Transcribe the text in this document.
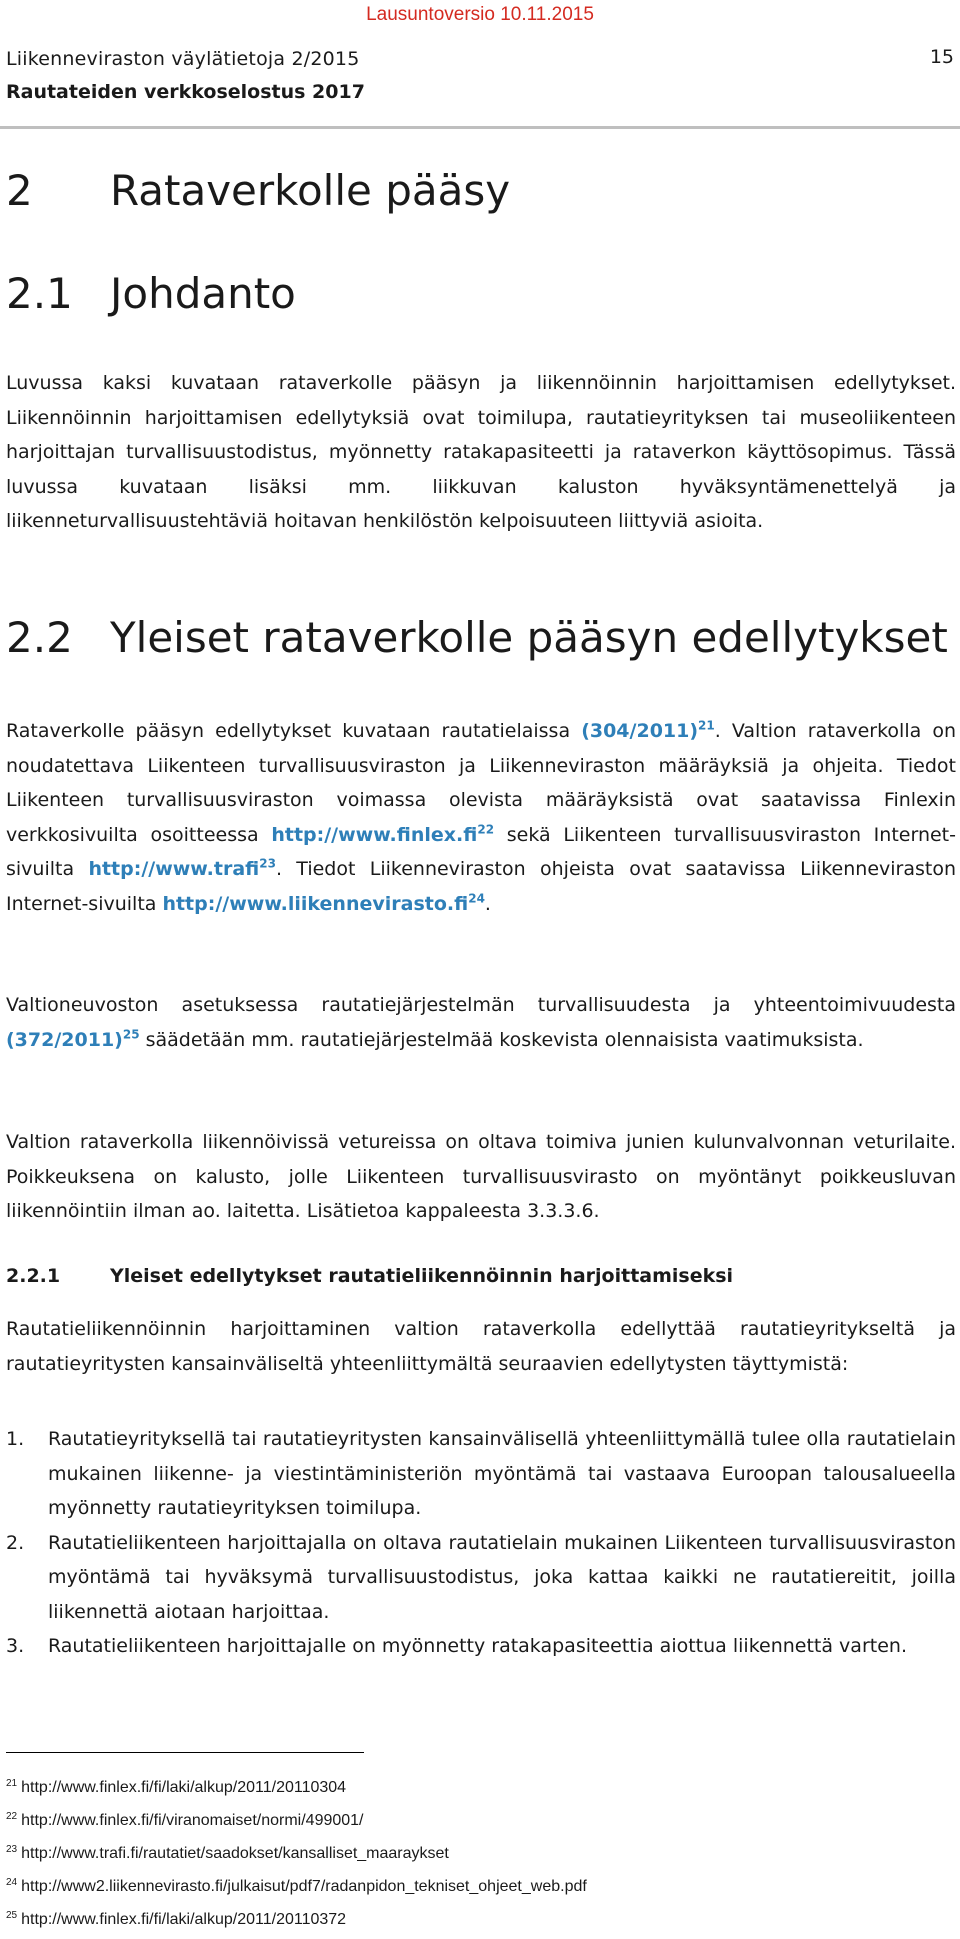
Lausuntoversio 10.11.2015
Liikenneviraston väylätietoja 2/2015
Rautateiden verkkoselostus 2017
15
2 Rataverkolle pääsy
2.1 Johdanto

Luvussa kaksi kuvataan rataverkolle pääsyn ja liikennöinnin harjoittamisen edellytykset. Liikennöinnin harjoittamisen edellytyksiä ovat toimilupa, rautatieyrityksen tai museoliikenteen harjoittajan turvallisuustodistus, myönnetty ratakapasiteetti ja rataverkon käyttösopimus. Tässä luvussa kuvataan lisäksi mm. liikkuvan kaluston hyväksyntämenettelyä ja liikenneturvallisuustehtäviä hoitavan henkilöstön kelpoisuuteen liittyviä asioita.

2.2 Yleiset rataverkolle pääsyn edellytykset

Rataverkolle pääsyn edellytykset kuvataan rautatielaissa $(304/2011)^{21}$. Valtion rataverkolla on noudatettava Liikenteen turvallisuusviraston ja Liikenneviraston määräyksiä ja ohjeita. Tiedot Liikenteen turvallisuusviraston voimassa olevista määräyksistä ovat saatavissa Finlexin verkkosivuilta osoitteessa $http://www.finlex.fi^{22}$ sekä Liikenteen turvallisuusviraston Internet-sivuilta http://www.trafi$^{23}$. Tiedot Liikenneviraston ohjeista ovat saatavissa Liikenneviraston Internet-sivuilta $http://www.liikennevirasto.fi^{24}$.

Valtioneuvoston asetuksessa rautatiejärjestelmän turvallisuudesta ja yhteentoimivuudesta $(372/2011)^{25}$ säädetään mm. rautatiejärjestelmää koskevista olennaisista vaatimuksista.

Valtion rataverkolla liikennöivissä vetureissa on oltava toimiva junien kulunvalvonnan veturilaite. Poikkeuksena on kalusto, jolle Liikenteen turvallisuusvirasto on myöntänyt poikkeusluvan liikennöintiin ilman ao. laitetta. Lisätietoa kappaleesta 3.3.3.6.

2.2.1	Yleiset edellytykset rautatieliikennöinnin harjoittamiseksi

Rautatieliikennöinnin harjoittaminen valtion rataverkolla edellyttää rautatieyritykseltä ja rautatieyritysten kansainväliseltä yhteenliittymältä seuraavien edellytysten täyttymistä:

1. Rautatieyrityksellä tai rautatieyritysten kansainvälisellä yhteenliittymällä tulee olla rautatielain mukainen liikenne- ja viestintäministeriön myöntämä tai vastaava Euroopan talousalueella myönnetty rautatieyrityksen toimilupa.
2. Rautatieliikenteen harjoittajalla on oltava rautatielain mukainen Liikenteen turvallisuusviraston myöntämä tai hyväksymä turvallisuustodistus, joka kattaa kaikki ne rautatiereitit, joilla liikennettä aiotaan harjoittaa.
3. Rautatieliikenteen harjoittajalle on myönnetty ratakapasiteettia aiottua liikennettä varten.
$^{21}$ http://www.finlex.fi/fi/laki/alkup/2011/20110304
$^{22}$ http://www.finlex.fi/fi/viranomaiset/normi/499001/
$^{23}$ http://www.trafi.fi/rautatiet/saadokset/kansalliset_maaraykset
$^{24}$ http://www2.liikennevirasto.fi/julkaisut/pdf7/radanpidon_tekniset_ohjeet_web.pdf
$^{25}$ http://www.finlex.fi/fi/laki/alkup/2011/20110372
